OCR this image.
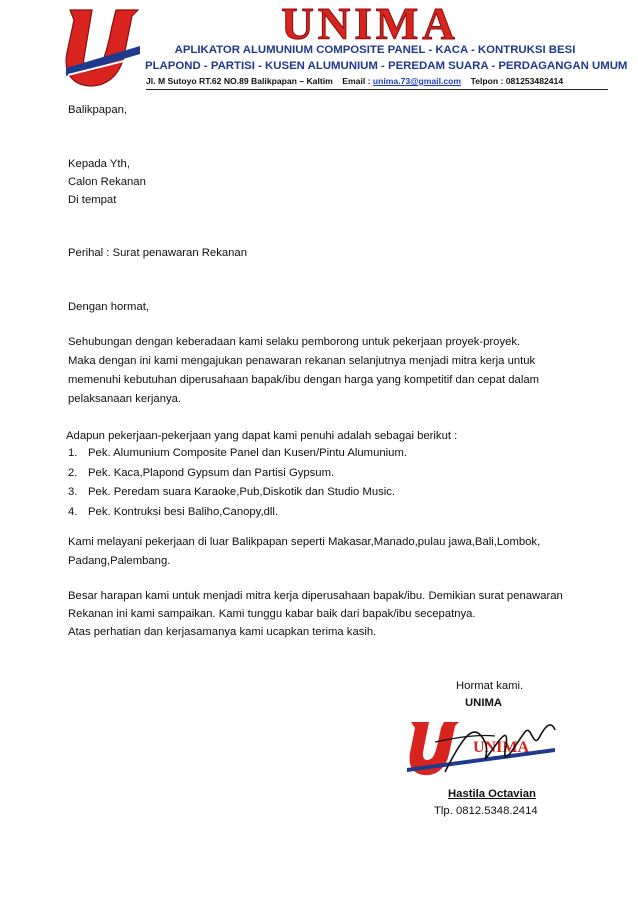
UNIMA
APLIKATOR ALUMUNIUM COMPOSITE PANEL - KACA - KONTRUKSI BESI
PLAPOND - PARTISI - KUSEN ALUMUNIUM - PEREDAM SUARA - PERDAGANGAN UMUM
Jl. M Sutoyo RT.62 NO.89 Balikpapan – Kaltim Email : unima.73@gmail.com Telpon : 081253482414
Balikpapan,
Kepada Yth,
Calon Rekanan
Di tempat
Perihal : Surat penawaran Rekanan
Dengan hormat,
Sehubungan dengan keberadaan kami selaku pemborong untuk pekerjaan proyek-proyek.
Maka dengan ini kami mengajukan penawaran rekanan selanjutnya menjadi mitra kerja untuk
memenuhi kebutuhan diperusahaan bapak/ibu dengan harga yang kompetitif dan cepat dalam
pelaksanaan kerjanya.
Adapun pekerjaan-pekerjaan yang dapat kami penuhi adalah sebagai berikut :
1. Pek. Alumunium Composite Panel dan Kusen/Pintu Alumunium.
2. Pek. Kaca,Plapond Gypsum dan Partisi Gypsum.
3. Pek. Peredam suara Karaoke,Pub,Diskotik dan Studio Music.
4. Pek. Kontruksi besi Baliho,Canopy,dll.
Kami melayani pekerjaan di luar Balikpapan seperti Makasar,Manado,pulau jawa,Bali,Lombok,
Padang,Palembang.
Besar harapan kami untuk menjadi mitra kerja diperusahaan bapak/ibu. Demikian surat penawaran
Rekanan ini kami sampaikan. Kami tunggu kabar baik dari bapak/ibu secepatnya.
Atas perhatian dan kerjasamanya kami ucapkan terima kasih.
Hormat kami.
UNIMA
UNIMA
Hastila Octavian
Tlp. 0812.5348.2414
